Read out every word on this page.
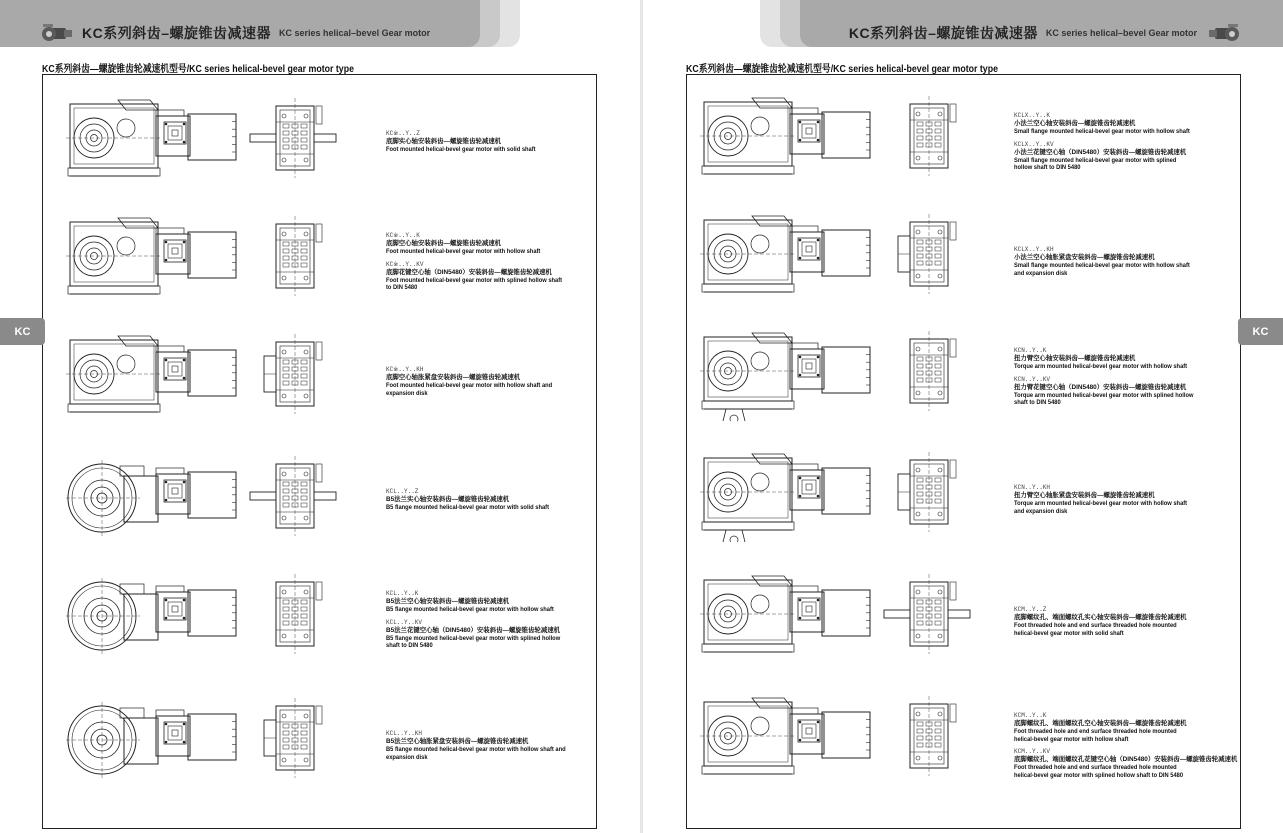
KC系列斜齿–螺旋锥齿减速器 KC series helical–bevel Gear motor
KC系列斜齿—螺旋锥齿轮减速机型号/KC series helical-bevel gear motor type
KC
KC※..Y..Z
底脚实心轴安装斜齿—螺旋锥齿轮减速机
Foot mounted helical-bevel gear motor with solid shaft
KC※..Y..K
底脚空心轴安装斜齿—螺旋锥齿轮减速机
Foot mounted helical-bevel gear motor with hollow shaft
KC※..Y..KV
底脚花键空心轴（DIN5480）安装斜齿—螺旋锥齿轮减速机
Foot mounted helical-bevel gear motor with splined hollow shaft to DIN 5480
KC※..Y..KH
底脚空心轴胀紧盘安装斜齿—螺旋锥齿轮减速机
Foot mounted helical-bevel gear motor with hollow shaft and expansion disk
KCL..Y..Z
B5法兰实心轴安装斜齿—螺旋锥齿轮减速机
B5 flange mounted helical-bevel gear motor with solid shaft
KCL..Y..K
B5法兰空心轴安装斜齿—螺旋锥齿轮减速机
B5 flange mounted helical-bevel gear motor with hollow shaft
KCL..Y..KV
B5法兰花键空心轴（DIN5480）安装斜齿—螺旋锥齿轮减速机
B5 flange mounted helical-bevel gear motor with splined hollow shaft to DIN 5480
KCL..Y..KH
B5法兰空心轴胀紧盘安装斜齿—螺旋锥齿轮减速机
B5 flange mounted helical-bevel gear motor with hollow shaft and expansion disk
KC系列斜齿–螺旋锥齿减速器 KC series helical–bevel Gear motor
KC系列斜齿—螺旋锥齿轮减速机型号/KC series helical-bevel gear motor type
KC
KCLX..Y..K
小法兰空心轴安装斜齿—螺旋锥齿轮减速机
Small flange mounted helical-bevel gear motor with hollow shaft
KCLX..Y..KV
小法兰花键空心轴（DIN5480）安装斜齿—螺旋锥齿轮减速机
Small flange mounted helical-bevel gear motor with splined hollow shaft to DIN 5480
KCLX..Y..KH
小法兰空心轴胀紧盘安装斜齿—螺旋锥齿轮减速机
Small flange mounted helical-bevel gear motor with hollow shaft and expansion disk
KCN..Y..K
扭力臂空心轴安装斜齿—螺旋锥齿轮减速机
Torque arm mounted helical-bevel gear motor with hollow shaft
KCN..Y..KV
扭力臂花键空心轴（DIN5480）安装斜齿—螺旋锥齿轮减速机
Torque arm mounted helical-bevel gear motor with splined hollow shaft to DIN 5480
KCN..Y..KH
扭力臂空心轴胀紧盘安装斜齿—螺旋锥齿轮减速机
Torque arm mounted helical-bevel gear motor with hollow shaft and expansion disk
KCM..Y..Z
底脚螺纹孔、端面螺纹孔实心轴安装斜齿—螺旋锥齿轮减速机
Foot threaded hole and end surface threaded hole mounted helical-bevel gear motor with solid shaft
KCM..Y..K
底脚螺纹孔、端面螺纹孔空心轴安装斜齿—螺旋锥齿轮减速机
Foot threaded hole and end surface threaded hole mounted helical-bevel gear motor with hollow shaft
KCM..Y..KV
底脚螺纹孔、端面螺纹孔花键空心轴（DIN5480）安装斜齿—螺旋锥齿轮减速机
Foot threaded hole and end surface threaded hole mounted helical-bevel gear motor with splined hollow shaft to DIN 5480
